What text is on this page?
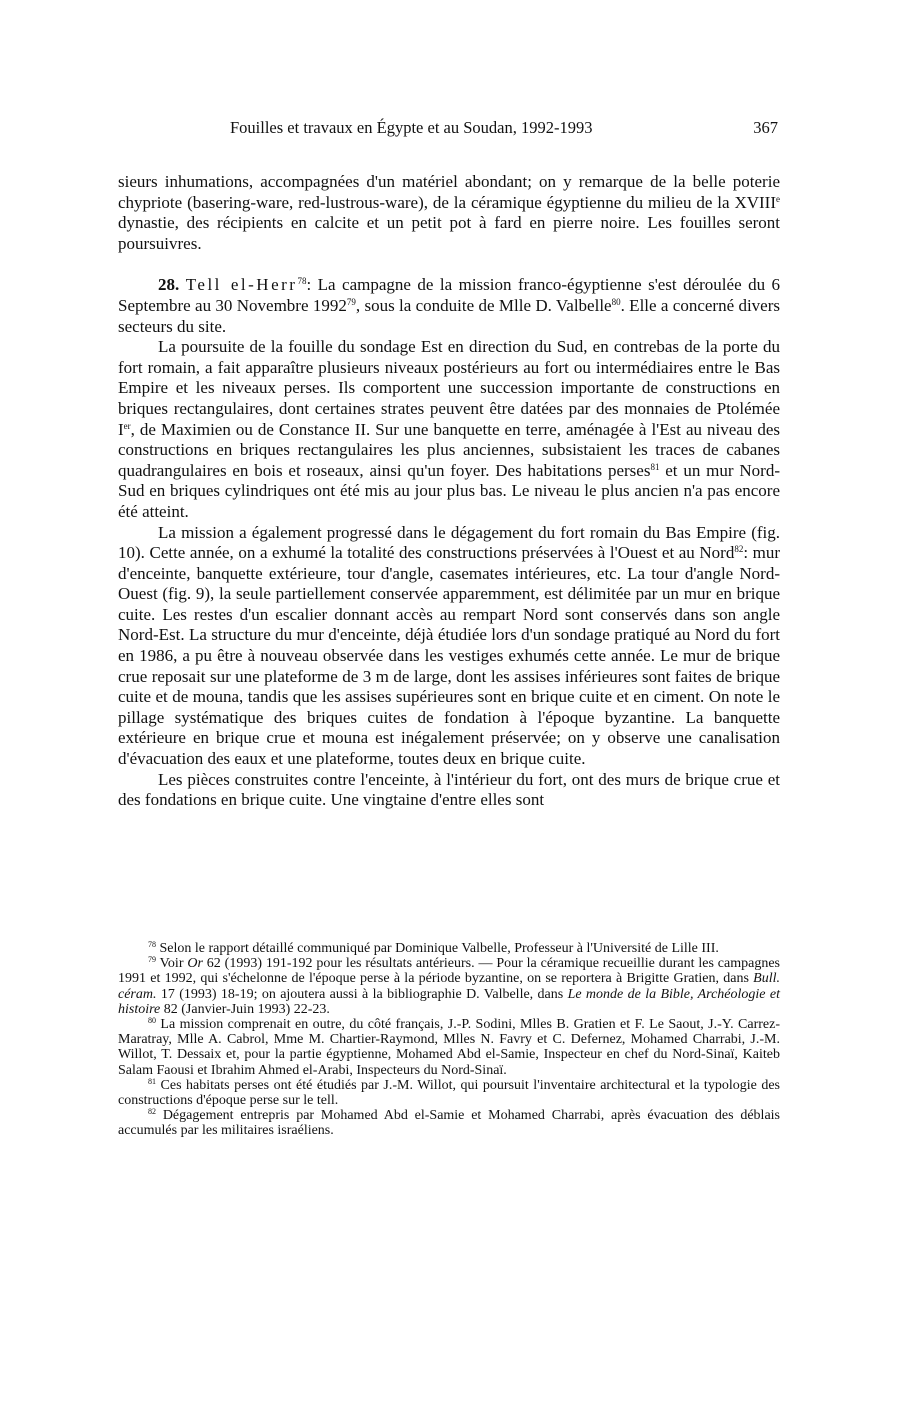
Fouilles et travaux en Égypte et au Soudan, 1992-1993	367

sieurs inhumations, accompagnées d'un matériel abondant; on y remarque de la belle poterie chypriote (basering-ware, red-lustrous-ware), de la céramique égyptienne du milieu de la XVIIIe dynastie, des récipients en calcite et un petit pot à fard en pierre noire. Les fouilles seront poursuivres.

28. Tell el-Herr$^{78}$: La campagne de la mission franco-égyptienne s'est déroulée du 6 Septembre au 30 Novembre 1992$^{79}$, sous la conduite de Mlle D. Valbelle$^{80}$. Elle a concerné divers secteurs du site.

La poursuite de la fouille du sondage Est en direction du Sud, en contrebas de la porte du fort romain, a fait apparaître plusieurs niveaux postérieurs au fort ou intermédiaires entre le Bas Empire et les niveaux perses. Ils comportent une succession importante de constructions en briques rectangulaires, dont certaines strates peuvent être datées par des monnaies de Ptolémée Ier, de Maximien ou de Constance II. Sur une banquette en terre, aménagée à l'Est au niveau des constructions en briques rectangulaires les plus anciennes, subsistaient les traces de cabanes quadrangulaires en bois et roseaux, ainsi qu'un foyer. Des habitations perses$^{81}$ et un mur Nord-Sud en briques cylindriques ont été mis au jour plus bas. Le niveau le plus ancien n'a pas encore été atteint.

La mission a également progressé dans le dégagement du fort romain du Bas Empire (fig. 10). Cette année, on a exhumé la totalité des constructions préservées à l'Ouest et au Nord$^{82}$: mur d'enceinte, banquette extérieure, tour d'angle, casemates intérieures, etc. La tour d'angle Nord-Ouest (fig. 9), la seule partiellement conservée apparemment, est délimitée par un mur en brique cuite. Les restes d'un escalier donnant accès au rempart Nord sont conservés dans son angle Nord-Est. La structure du mur d'enceinte, déjà étudiée lors d'un sondage pratiqué au Nord du fort en 1986, a pu être à nouveau observée dans les vestiges exhumés cette année. Le mur de brique crue reposait sur une plateforme de 3 m de large, dont les assises inférieures sont faites de brique cuite et de mouna, tandis que les assises supérieures sont en brique cuite et en ciment. On note le pillage systématique des briques cuites de fondation à l'époque byzantine. La banquette extérieure en brique crue et mouna est inégalement préservée; on y observe une canalisation d'évacuation des eaux et une plateforme, toutes deux en brique cuite.

Les pièces construites contre l'enceinte, à l'intérieur du fort, ont des murs de brique crue et des fondations en brique cuite. Une vingtaine d'entre elles sont

$^{78}$ Selon le rapport détaillé communiqué par Dominique Valbelle, Professeur à l'Université de Lille III.

$^{79}$ Voir Or 62 (1993) 191-192 pour les résultats antérieurs. — Pour la céramique recueillie durant les campagnes 1991 et 1992, qui s'échelonne de l'époque perse à la période byzantine, on se reportera à Brigitte Gratien, dans Bull. céram. 17 (1993) 18-19; on ajoutera aussi à la bibliographie D. Valbelle, dans Le monde de la Bible, Archéologie et histoire 82 (Janvier-Juin 1993) 22-23.

$^{80}$ La mission comprenait en outre, du côté français, J.-P. Sodini, Mlles B. Gratien et F. Le Saout, J.-Y. Carrez-Maratray, Mlle A. Cabrol, Mme M. Chartier-Raymond, Mlles N. Favry et C. Defernez, Mohamed Charrabi, J.-M. Willot, T. Dessaix et, pour la partie égyptienne, Mohamed Abd el-Samie, Inspecteur en chef du Nord-Sinaï, Kaiteb Salam Faousi et Ibrahim Ahmed el-Arabi, Inspecteurs du Nord-Sinaï.

$^{81}$ Ces habitats perses ont été étudiés par J.-M. Willot, qui poursuit l'inventaire architectural et la typologie des constructions d'époque perse sur le tell.

$^{82}$ Dégagement entrepris par Mohamed Abd el-Samie et Mohamed Charrabi, après évacuation des déblais accumulés par les militaires israéliens.
